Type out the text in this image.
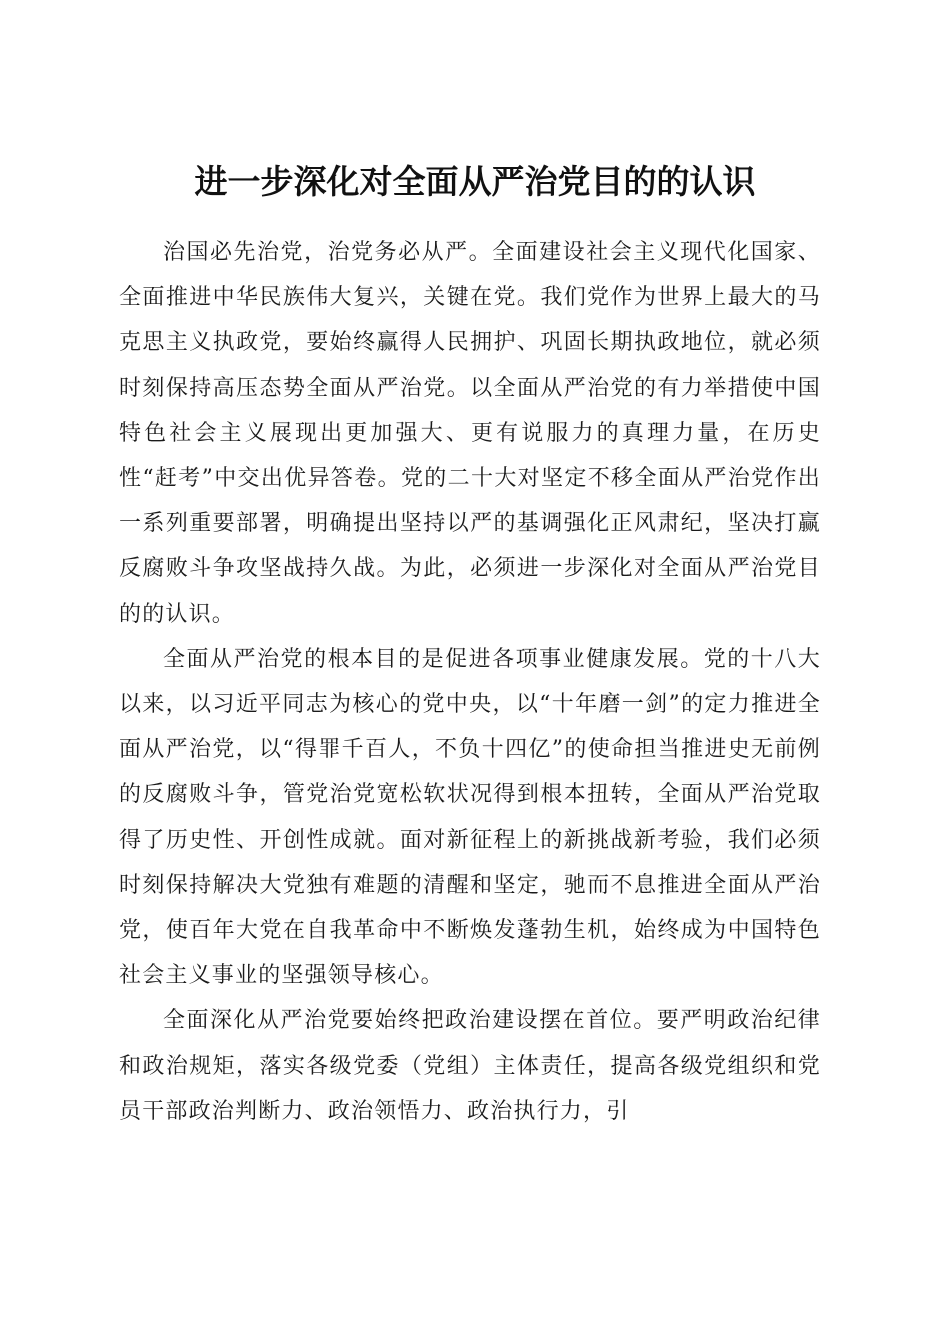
进一步深化对全面从严治党目的的认识

治国必先治党，治党务必从严。全面建设社会主义现代化国家、全面推进中华民族伟大复兴，关键在党。我们党作为世界上最大的马克思主义执政党，要始终赢得人民拥护、巩固长期执政地位，就必须时刻保持高压态势全面从严治党。以全面从严治党的有力举措使中国特色社会主义展现出更加强大、更有说服力的真理力量，在历史性“赶考”中交出优异答卷。党的二十大对坚定不移全面从严治党作出一系列重要部署，明确提出坚持以严的基调强化正风肃纪，坚决打赢反腐败斗争攻坚战持久战。为此，必须进一步深化对全面从严治党目的的认识。

全面从严治党的根本目的是促进各项事业健康发展。党的十八大以来，以习近平同志为核心的党中央，以“十年磨一剑”的定力推进全面从严治党，以“得罪千百人，不负十四亿”的使命担当推进史无前例的反腐败斗争，管党治党宽松软状况得到根本扭转，全面从严治党取得了历史性、开创性成就。面对新征程上的新挑战新考验，我们必须时刻保持解决大党独有难题的清醒和坚定，驰而不息推进全面从严治党，使百年大党在自我革命中不断焕发蓬勃生机，始终成为中国特色社会主义事业的坚强领导核心。

全面深化从严治党要始终把政治建设摆在首位。要严明政治纪律和政治规矩，落实各级党委（党组）主体责任，提高各级党组织和党员干部政治判断力、政治领悟力、政治执行力，引
